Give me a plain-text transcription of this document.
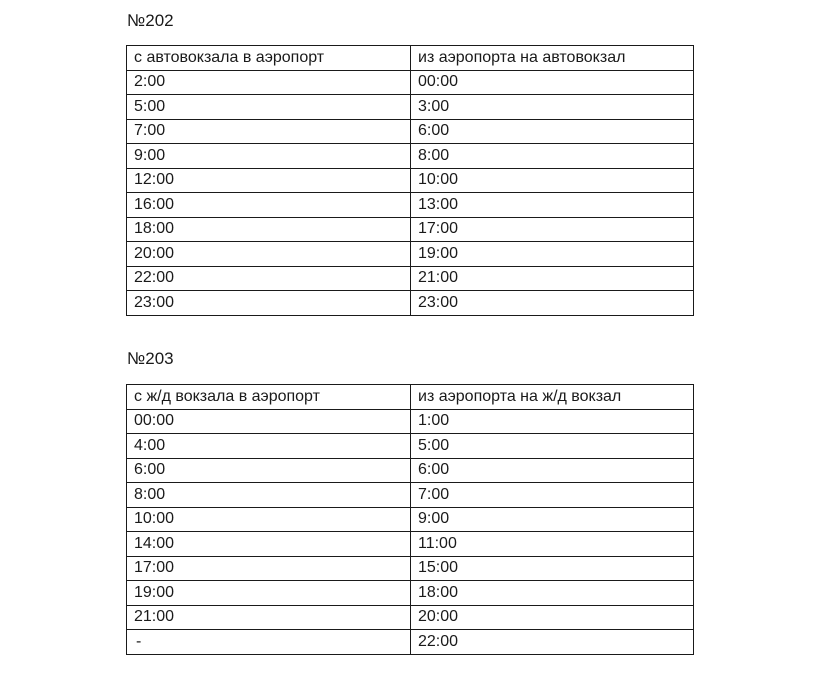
№202
с автовокзала в аэропорт	из аэропорта на автовокзал
2:00	00:00
5:00	3:00
7:00	6:00
9:00	8:00
12:00	10:00
16:00	13:00
18:00	17:00
20:00	19:00
22:00	21:00
23:00	23:00
№203
с ж/д вокзала в аэропорт	из аэропорта на ж/д вокзал
00:00	1:00
4:00	5:00
6:00	6:00
8:00	7:00
10:00	9:00
14:00	11:00
17:00	15:00
19:00	18:00
21:00	20:00
-	22:00
